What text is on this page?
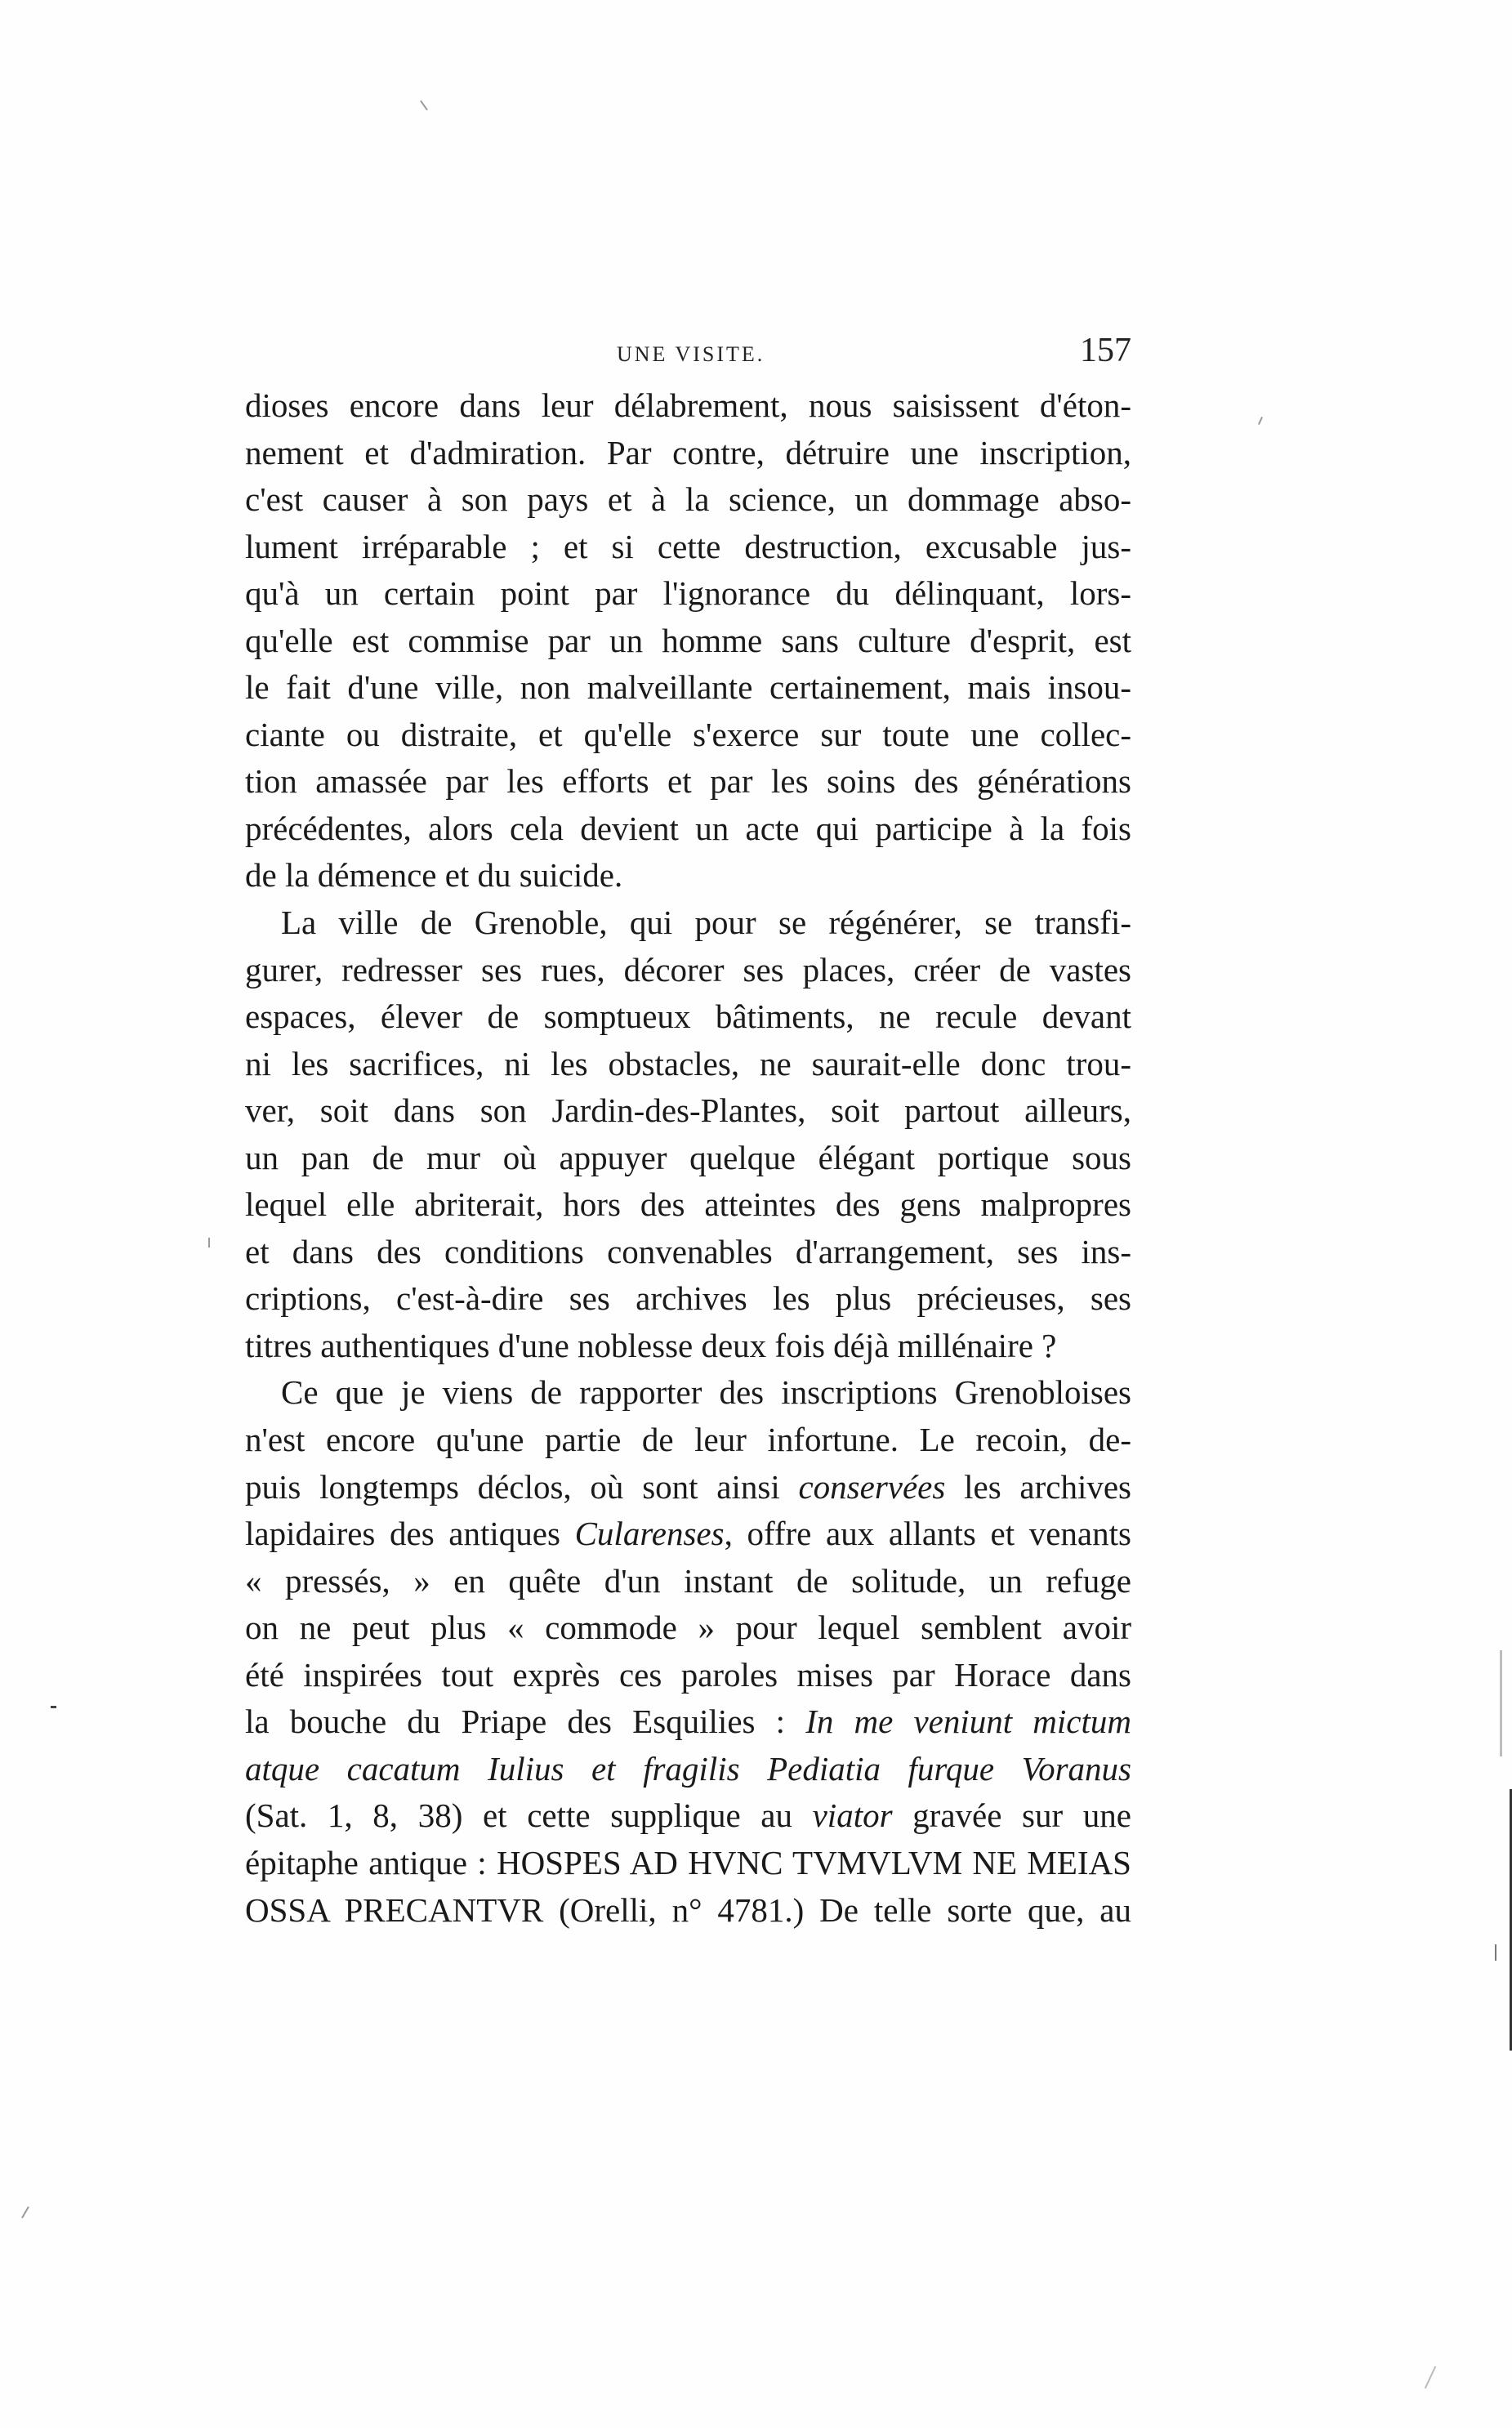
UNE VISITE.	157
dioses encore dans leur délabrement, nous saisissent d'éton-
nement et d'admiration. Par contre, détruire une inscription,
c'est causer à son pays et à la science, un dommage abso-
lument irréparable ; et si cette destruction, excusable jus-
qu'à un certain point par l'ignorance du délinquant, lors-
qu'elle est commise par un homme sans culture d'esprit, est
le fait d'une ville, non malveillante certainement, mais insou-
ciante ou distraite, et qu'elle s'exerce sur toute une collec-
tion amassée par les efforts et par les soins des générations
précédentes, alors cela devient un acte qui participe à la fois
de la démence et du suicide.
La ville de Grenoble, qui pour se régénérer, se transfi-
gurer, redresser ses rues, décorer ses places, créer de vastes
espaces, élever de somptueux bâtiments, ne recule devant
ni les sacrifices, ni les obstacles, ne saurait-elle donc trou-
ver, soit dans son Jardin-des-Plantes, soit partout ailleurs,
un pan de mur où appuyer quelque élégant portique sous
lequel elle abriterait, hors des atteintes des gens malpropres
et dans des conditions convenables d'arrangement, ses ins-
criptions, c'est-à-dire ses archives les plus précieuses, ses
titres authentiques d'une noblesse deux fois déjà millénaire ?
Ce que je viens de rapporter des inscriptions Grenobloises
n'est encore qu'une partie de leur infortune. Le recoin, de-
puis longtemps déclos, où sont ainsi conservées les archives
lapidaires des antiques Cularenses, offre aux allants et venants
« pressés, » en quête d'un instant de solitude, un refuge
on ne peut plus « commode » pour lequel semblent avoir
été inspirées tout exprès ces paroles mises par Horace dans
la bouche du Priape des Esquilies : In me veniunt mictum
atque cacatum Iulius et fragilis Pediatia furque Voranus
(Sat. 1, 8, 38) et cette supplique au viator gravée sur une
épitaphe antique : HOSPES AD HVNC TVMVLVM NE MEIAS
OSSA PRECANTVR (Orelli, n° 4781.) De telle sorte que, au
